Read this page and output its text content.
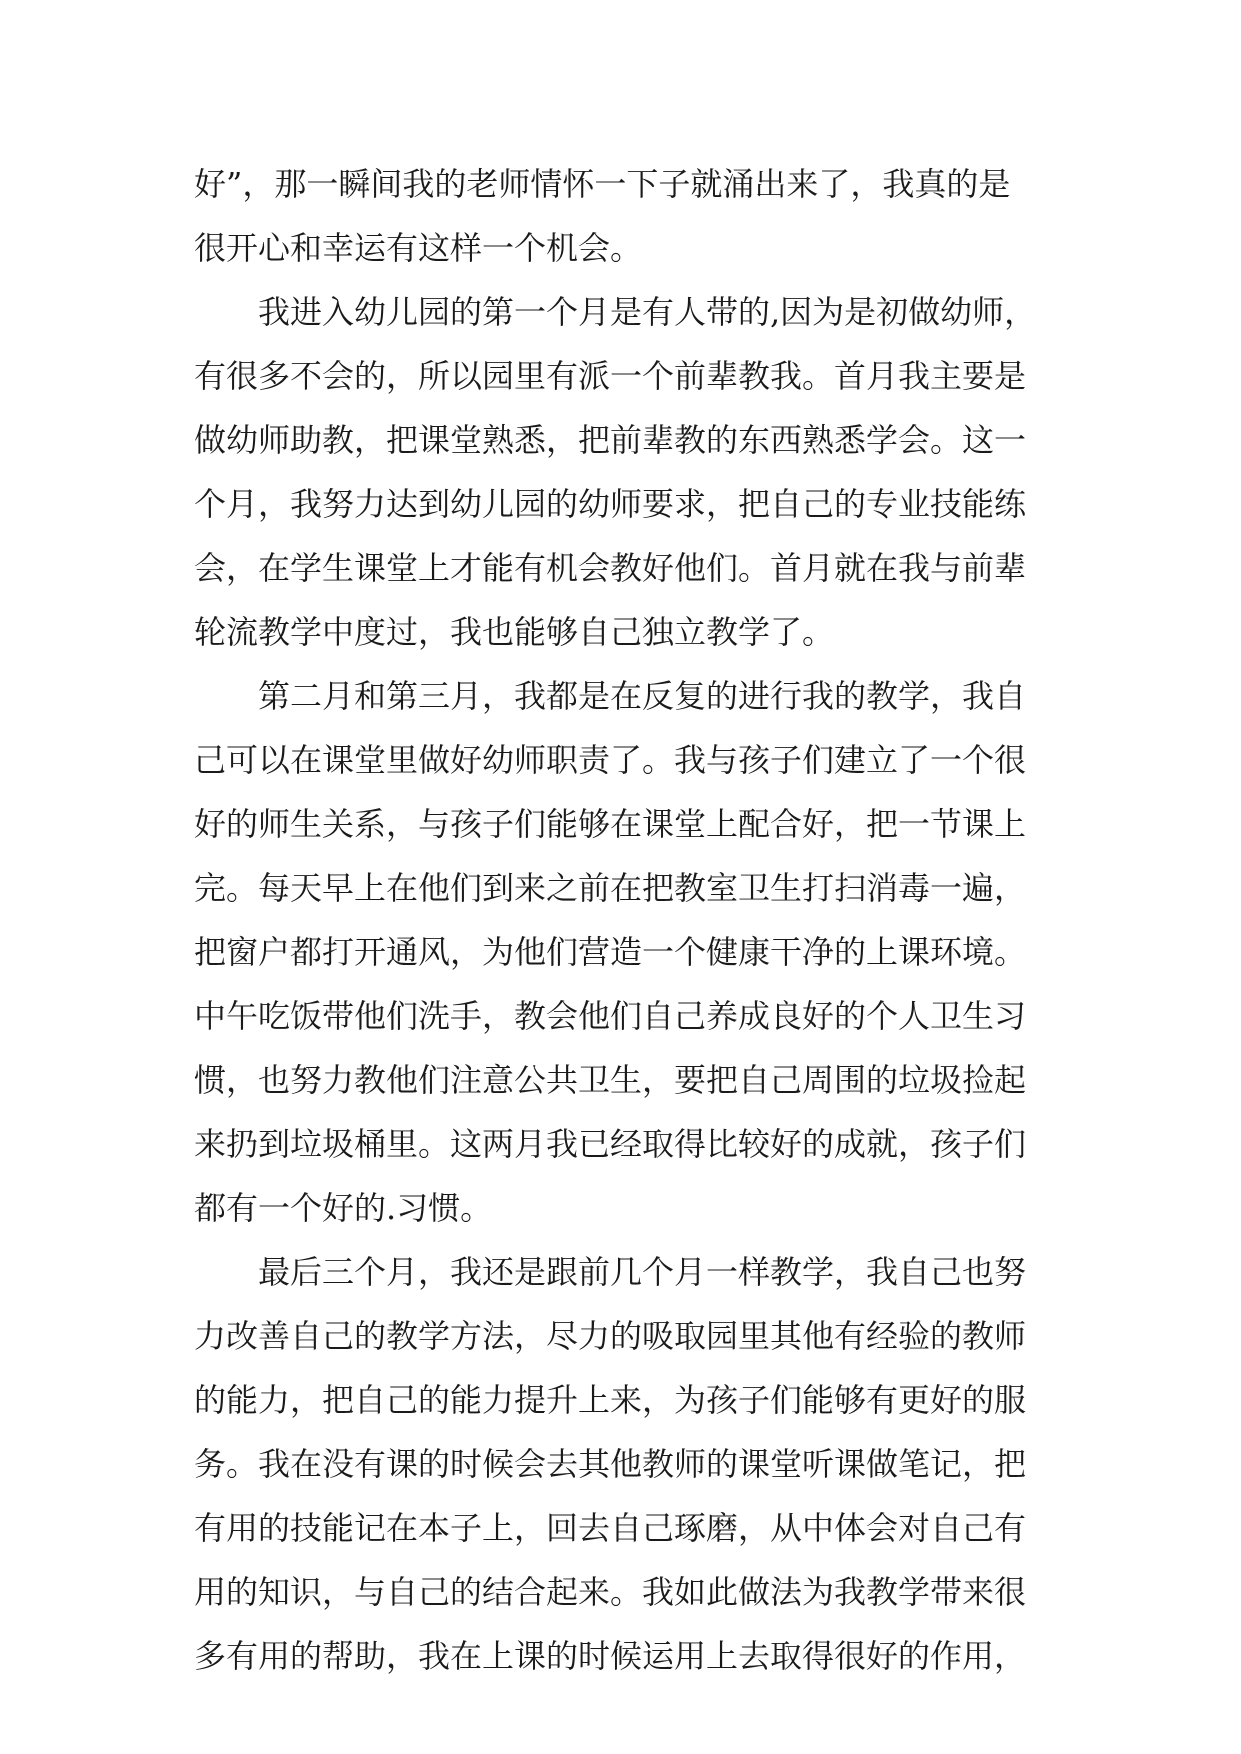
好”，那一瞬间我的老师情怀一下子就涌出来了，我真的是

很开心和幸运有这样一个机会。

我进入幼儿园的第一个月是有人带的,因为是初做幼师，

有很多不会的，所以园里有派一个前辈教我。首月我主要是

做幼师助教，把课堂熟悉，把前辈教的东西熟悉学会。这一

个月，我努力达到幼儿园的幼师要求，把自己的专业技能练

会，在学生课堂上才能有机会教好他们。首月就在我与前辈

轮流教学中度过，我也能够自己独立教学了。

第二月和第三月，我都是在反复的进行我的教学，我自

己可以在课堂里做好幼师职责了。我与孩子们建立了一个很

好的师生关系，与孩子们能够在课堂上配合好，把一节课上

完。每天早上在他们到来之前在把教室卫生打扫消毒一遍，

把窗户都打开通风，为他们营造一个健康干净的上课环境。

中午吃饭带他们洗手，教会他们自己养成良好的个人卫生习

惯，也努力教他们注意公共卫生，要把自己周围的垃圾捡起

来扔到垃圾桶里。这两月我已经取得比较好的成就，孩子们

都有一个好的.习惯。

最后三个月，我还是跟前几个月一样教学，我自己也努

力改善自己的教学方法，尽力的吸取园里其他有经验的教师

的能力，把自己的能力提升上来，为孩子们能够有更好的服

务。我在没有课的时候会去其他教师的课堂听课做笔记，把

有用的技能记在本子上，回去自己琢磨，从中体会对自己有

用的知识，与自己的结合起来。我如此做法为我教学带来很

多有用的帮助，我在上课的时候运用上去取得很好的作用，
